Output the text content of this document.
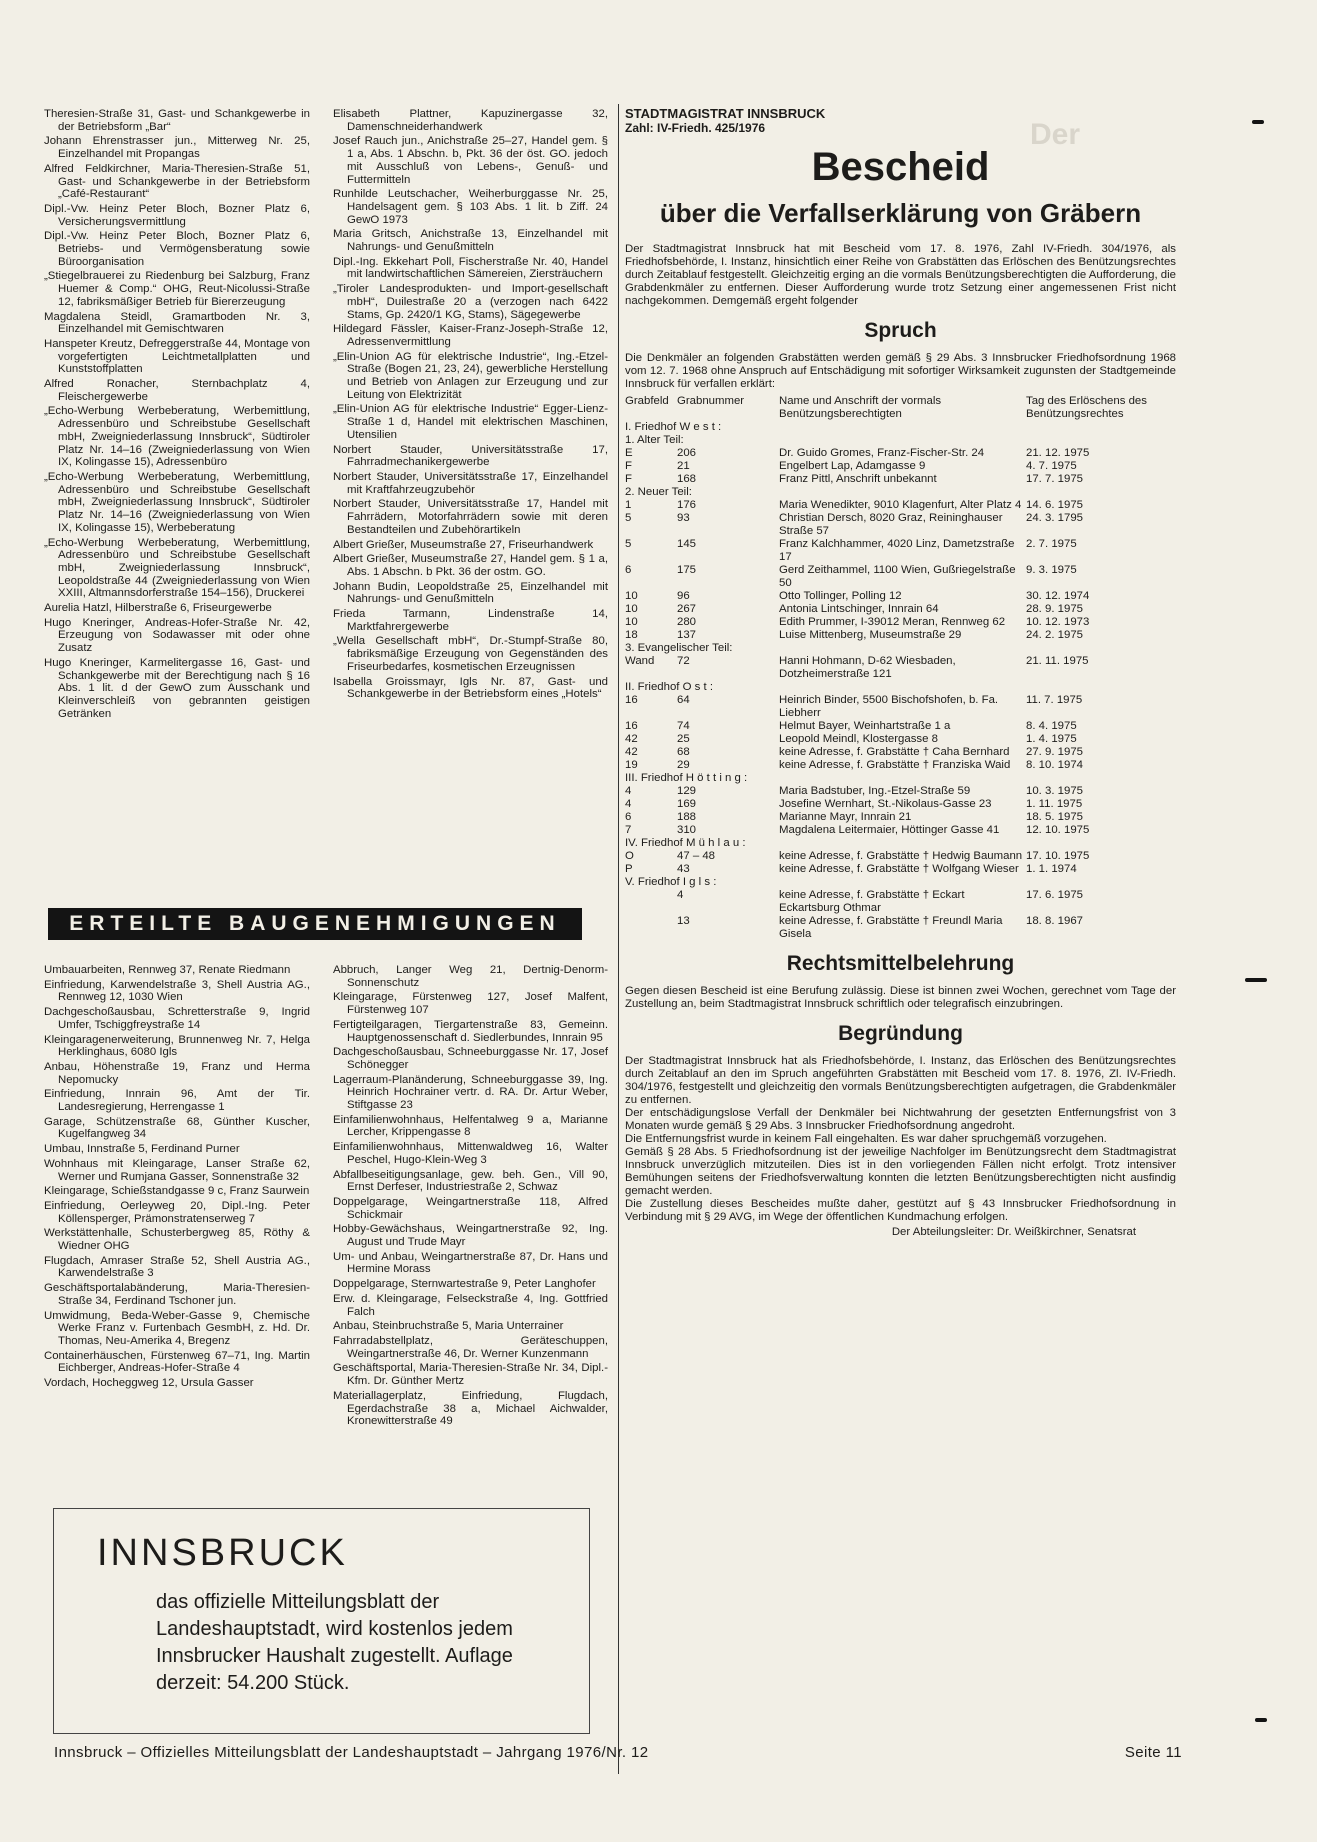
Der
Theresien-Straße 31, Gast- und Schankgewerbe in der Betriebsform „Bar“
Johann Ehrenstrasser jun., Mitterweg Nr. 25, Einzelhandel mit Propangas
Alfred Feldkirchner, Maria-Theresien-Straße 51, Gast- und Schankgewerbe in der Betriebsform „Café-Restaurant“
Dipl.-Vw. Heinz Peter Bloch, Bozner Platz 6, Versicherungsvermittlung
Dipl.-Vw. Heinz Peter Bloch, Bozner Platz 6, Betriebs- und Vermögensberatung sowie Büroorganisation
„Stiegelbrauerei zu Riedenburg bei Salzburg, Franz Huemer & Comp.“ OHG, Reut-Nicolussi-Straße 12, fabriksmäßiger Betrieb für Biererzeugung
Magdalena Steidl, Gramartboden Nr. 3, Einzelhandel mit Gemischtwaren
Hanspeter Kreutz, Defreggerstraße 44, Montage von vorgefertigten Leichtmetallplatten und Kunststoffplatten
Alfred Ronacher, Sternbachplatz 4, Fleischergewerbe
„Echo-Werbung Werbeberatung, Werbemittlung, Adressenbüro und Schreibstube Gesellschaft mbH, Zweigniederlassung Innsbruck“, Südtiroler Platz Nr. 14–16 (Zweigniederlassung von Wien IX, Kolingasse 15), Adressenbüro
„Echo-Werbung Werbeberatung, Werbemittlung, Adressenbüro und Schreibstube Gesellschaft mbH, Zweigniederlassung Innsbruck“, Südtiroler Platz Nr. 14–16 (Zweigniederlassung von Wien IX, Kolingasse 15), Werbeberatung
„Echo-Werbung Werbeberatung, Werbemittlung, Adressenbüro und Schreibstube Gesellschaft mbH, Zweigniederlassung Innsbruck“, Leopoldstraße 44 (Zweigniederlassung von Wien XXIII, Altmannsdorferstraße 154–156), Druckerei
Aurelia Hatzl, Hilberstraße 6, Friseurgewerbe
Hugo Kneringer, Andreas-Hofer-Straße Nr. 42, Erzeugung von Sodawasser mit oder ohne Zusatz
Hugo Kneringer, Karmelitergasse 16, Gast- und Schankgewerbe mit der Berechtigung nach § 16 Abs. 1 lit. d der GewO zum Ausschank und Kleinverschleiß von gebrannten geistigen Getränken
Elisabeth Plattner, Kapuzinergasse 32, Damenschneiderhandwerk
Josef Rauch jun., Anichstraße 25–27, Handel gem. § 1 a, Abs. 1 Abschn. b, Pkt. 36 der öst. GO. jedoch mit Ausschluß von Lebens-, Genuß- und Futtermitteln
Runhilde Leutschacher, Weiherburggasse Nr. 25, Handelsagent gem. § 103 Abs. 1 lit. b Ziff. 24 GewO 1973
Maria Gritsch, Anichstraße 13, Einzelhandel mit Nahrungs- und Genußmitteln
Dipl.-Ing. Ekkehart Poll, Fischerstraße Nr. 40, Handel mit landwirtschaftlichen Sämereien, Ziersträuchern
„Tiroler Landesprodukten- und Import-gesellschaft mbH“, Duilestraße 20 a (verzogen nach 6422 Stams, Gp. 2420/1 KG, Stams), Sägegewerbe
Hildegard Fässler, Kaiser-Franz-Joseph-Straße 12, Adressenvermittlung
„Elin-Union AG für elektrische Industrie“, Ing.-Etzel-Straße (Bogen 21, 23, 24), gewerbliche Herstellung und Betrieb von Anlagen zur Erzeugung und zur Leitung von Elektrizität
„Elin-Union AG für elektrische Industrie“ Egger-Lienz-Straße 1 d, Handel mit elektrischen Maschinen, Utensilien
Norbert Stauder, Universitätsstraße 17, Fahrradmechanikergewerbe
Norbert Stauder, Universitätsstraße 17, Einzelhandel mit Kraftfahrzeugzubehör
Norbert Stauder, Universitätsstraße 17, Handel mit Fahrrädern, Motorfahrrädern sowie mit deren Bestandteilen und Zubehörartikeln
Albert Grießer, Museumstraße 27, Friseurhandwerk
Albert Grießer, Museumstraße 27, Handel gem. § 1 a, Abs. 1 Abschn. b Pkt. 36 der ostm. GO.
Johann Budin, Leopoldstraße 25, Einzelhandel mit Nahrungs- und Genußmitteln
Frieda Tarmann, Lindenstraße 14, Marktfahrergewerbe
„Wella Gesellschaft mbH“, Dr.-Stumpf-Straße 80, fabriksmäßige Erzeugung von Gegenständen des Friseurbedarfes, kosmetischen Erzeugnissen
Isabella Groissmayr, Igls Nr. 87, Gast- und Schankgewerbe in der Betriebsform eines „Hotels“
ERTEILTE BAUGENEHMIGUNGEN
Umbauarbeiten, Rennweg 37, Renate Riedmann
Einfriedung, Karwendelstraße 3, Shell Austria AG., Rennweg 12, 1030 Wien
Dachgeschoßausbau, Schretterstraße 9, Ingrid Umfer, Tschiggfreystraße 14
Kleingaragenerweiterung, Brunnenweg Nr. 7, Helga Herklinghaus, 6080 Igls
Anbau, Höhenstraße 19, Franz und Herma Nepomucky
Einfriedung, Innrain 96, Amt der Tir. Landesregierung, Herrengasse 1
Garage, Schützenstraße 68, Günther Kuscher, Kugelfangweg 34
Umbau, Innstraße 5, Ferdinand Purner
Wohnhaus mit Kleingarage, Lanser Straße 62, Werner und Rumjana Gasser, Sonnenstraße 32
Kleingarage, Schießstandgasse 9 c, Franz Saurwein
Einfriedung, Oerleyweg 20, Dipl.-Ing. Peter Köllensperger, Prämonstratenserweg 7
Werkstättenhalle, Schusterbergweg 85, Röthy & Wiedner OHG
Flugdach, Amraser Straße 52, Shell Austria AG., Karwendelstraße 3
Geschäftsportalabänderung, Maria-Theresien-Straße 34, Ferdinand Tschoner jun.
Umwidmung, Beda-Weber-Gasse 9, Chemische Werke Franz v. Furtenbach GesmbH, z. Hd. Dr. Thomas, Neu-Amerika 4, Bregenz
Containerhäuschen, Fürstenweg 67–71, Ing. Martin Eichberger, Andreas-Hofer-Straße 4
Vordach, Hocheggweg 12, Ursula Gasser
Abbruch, Langer Weg 21, Dertnig-Denorm-Sonnenschutz
Kleingarage, Fürstenweg 127, Josef Malfent, Fürstenweg 107
Fertigteilgaragen, Tiergartenstraße 83, Gemeinn. Hauptgenossenschaft d. Siedlerbundes, Innrain 95
Dachgeschoßausbau, Schneeburggasse Nr. 17, Josef Schönegger
Lagerraum-Planänderung, Schneeburggasse 39, Ing. Heinrich Hochrainer vertr. d. RA. Dr. Artur Weber, Stiftgasse 23
Einfamilienwohnhaus, Helfentalweg 9 a, Marianne Lercher, Krippengasse 8
Einfamilienwohnhaus, Mittenwaldweg 16, Walter Peschel, Hugo-Klein-Weg 3
Abfallbeseitigungsanlage, gew. beh. Gen., Vill 90, Ernst Derfeser, Industriestraße 2, Schwaz
Doppelgarage, Weingartnerstraße 118, Alfred Schickmair
Hobby-Gewächshaus, Weingartnerstraße 92, Ing. August und Trude Mayr
Um- und Anbau, Weingartnerstraße 87, Dr. Hans und Hermine Morass
Doppelgarage, Sternwartestraße 9, Peter Langhofer
Erw. d. Kleingarage, Felseckstraße 4, Ing. Gottfried Falch
Anbau, Steinbruchstraße 5, Maria Unterrainer
Fahrradabstellplatz, Geräteschuppen, Weingartnerstraße 46, Dr. Werner Kunzenmann
Geschäftsportal, Maria-Theresien-Straße Nr. 34, Dipl.-Kfm. Dr. Günther Mertz
Materiallagerplatz, Einfriedung, Flugdach, Egerdachstraße 38 a, Michael Aichwalder, Kronewitterstraße 49
INNSBRUCK
das offizielle Mitteilungsblatt der Landeshauptstadt, wird kostenlos jedem Innsbrucker Haushalt zugestellt. Auflage derzeit: 54.200 Stück.
STADTMAGISTRAT INNSBRUCK
Zahl: IV-Friedh. 425/1976
Bescheid
über die Verfallserklärung von Gräbern
Der Stadtmagistrat Innsbruck hat mit Bescheid vom 17. 8. 1976, Zahl IV-Friedh. 304/1976, als Friedhofsbehörde, I. Instanz, hinsichtlich einer Reihe von Grabstätten das Erlöschen des Benützungsrechtes durch Zeitablauf festgestellt. Gleichzeitig erging an die vormals Benützungsberechtigten die Aufforderung, die Grabdenkmäler zu entfernen. Dieser Aufforderung wurde trotz Setzung einer angemessenen Frist nicht nachgekommen. Demgemäß ergeht folgender
Spruch
Die Denkmäler an folgenden Grabstätten werden gemäß § 29 Abs. 3 Innsbrucker Friedhofsordnung 1968 vom 12. 7. 1968 ohne Anspruch auf Entschädigung mit sofortiger Wirksamkeit zugunsten der Stadtgemeinde Innsbruck für verfallen erklärt:
Grabfeld	Grabnummer	Name und Anschrift der vormals Benützungsberechtigten	Tag des Erlöschens des Benützungsrechtes
I. Friedhof W e s t :			
1. Alter Teil:			
E	206	Dr. Guido Gromes, Franz-Fischer-Str. 24	21. 12. 1975
F	21	Engelbert Lap, Adamgasse 9	4. 7. 1975
F	168	Franz Pittl, Anschrift unbekannt	17. 7. 1975
2. Neuer Teil:			
1	176	Maria Wenedikter, 9010 Klagenfurt, Alter Platz 4	14. 6. 1975
5	93	Christian Dersch, 8020 Graz, Reininghauser Straße 57	24. 3. 1795
5	145	Franz Kalchhammer, 4020 Linz, Dametzstraße 17	2. 7. 1975
6	175	Gerd Zeithammel, 1100 Wien, Gußriegelstraße 50	9. 3. 1975
10	96	Otto Tollinger, Polling 12	30. 12. 1974
10	267	Antonia Lintschinger, Innrain 64	28. 9. 1975
10	280	Edith Prummer, I-39012 Meran, Rennweg 62	10. 12. 1973
18	137	Luise Mittenberg, Museumstraße 29	24. 2. 1975
3. Evangelischer Teil:			
Wand	72	Hanni Hohmann, D-62 Wiesbaden, Dotzheimerstraße 121	21. 11. 1975
II. Friedhof O s t :			
16	64	Heinrich Binder, 5500 Bischofshofen, b. Fa. Liebherr	11. 7. 1975
16	74	Helmut Bayer, Weinhartstraße 1 a	8. 4. 1975
42	25	Leopold Meindl, Klostergasse 8	1. 4. 1975
42	68	keine Adresse, f. Grabstätte † Caha Bernhard	27. 9. 1975
19	29	keine Adresse, f. Grabstätte † Franziska Waid	8. 10. 1974
III. Friedhof H ö t t i n g :			
4	129	Maria Badstuber, Ing.-Etzel-Straße 59	10. 3. 1975
4	169	Josefine Wernhart, St.-Nikolaus-Gasse 23	1. 11. 1975
6	188	Marianne Mayr, Innrain 21	18. 5. 1975
7	310	Magdalena Leitermaier, Höttinger Gasse 41	12. 10. 1975
IV. Friedhof M ü h l a u :			
O	47 – 48	keine Adresse, f. Grabstätte † Hedwig Baumann	17. 10. 1975
P	43	keine Adresse, f. Grabstätte † Wolfgang Wieser	1. 1. 1974
V. Friedhof I g l s :			
	4	keine Adresse, f. Grabstätte † Eckart Eckartsburg Othmar	17. 6. 1975
	13	keine Adresse, f. Grabstätte † Freundl Maria Gisela	18. 8. 1967
Rechtsmittelbelehrung
Gegen diesen Bescheid ist eine Berufung zulässig. Diese ist binnen zwei Wochen, gerechnet vom Tage der Zustellung an, beim Stadtmagistrat Innsbruck schriftlich oder telegrafisch einzubringen.
Begründung
Der Stadtmagistrat Innsbruck hat als Friedhofsbehörde, I. Instanz, das Erlöschen des Benützungsrechtes durch Zeitablauf an den im Spruch angeführten Grabstätten mit Bescheid vom 17. 8. 1976, Zl. IV-Friedh. 304/1976, festgestellt und gleichzeitig den vormals Benützungsberechtigten aufgetragen, die Grabdenkmäler zu entfernen.
Der entschädigungslose Verfall der Denkmäler bei Nichtwahrung der gesetzten Entfernungsfrist von 3 Monaten wurde gemäß § 29 Abs. 3 Innsbrucker Friedhofsordnung angedroht.
Die Entfernungsfrist wurde in keinem Fall eingehalten. Es war daher spruchgemäß vorzugehen.
Gemäß § 28 Abs. 5 Friedhofsordnung ist der jeweilige Nachfolger im Benützungsrecht dem Stadtmagistrat Innsbruck unverzüglich mitzuteilen. Dies ist in den vorliegenden Fällen nicht erfolgt. Trotz intensiver Bemühungen seitens der Friedhofsverwaltung konnten die letzten Benützungsberechtigten nicht ausfindig gemacht werden.
Die Zustellung dieses Bescheides mußte daher, gestützt auf § 43 Innsbrucker Friedhofsordnung in Verbindung mit § 29 AVG, im Wege der öffentlichen Kundmachung erfolgen.
Der Abteilungsleiter: Dr. Weißkirchner, Senatsrat
Innsbruck – Offizielles Mitteilungsblatt der Landeshauptstadt – Jahrgang 1976/Nr. 12	Seite 11
